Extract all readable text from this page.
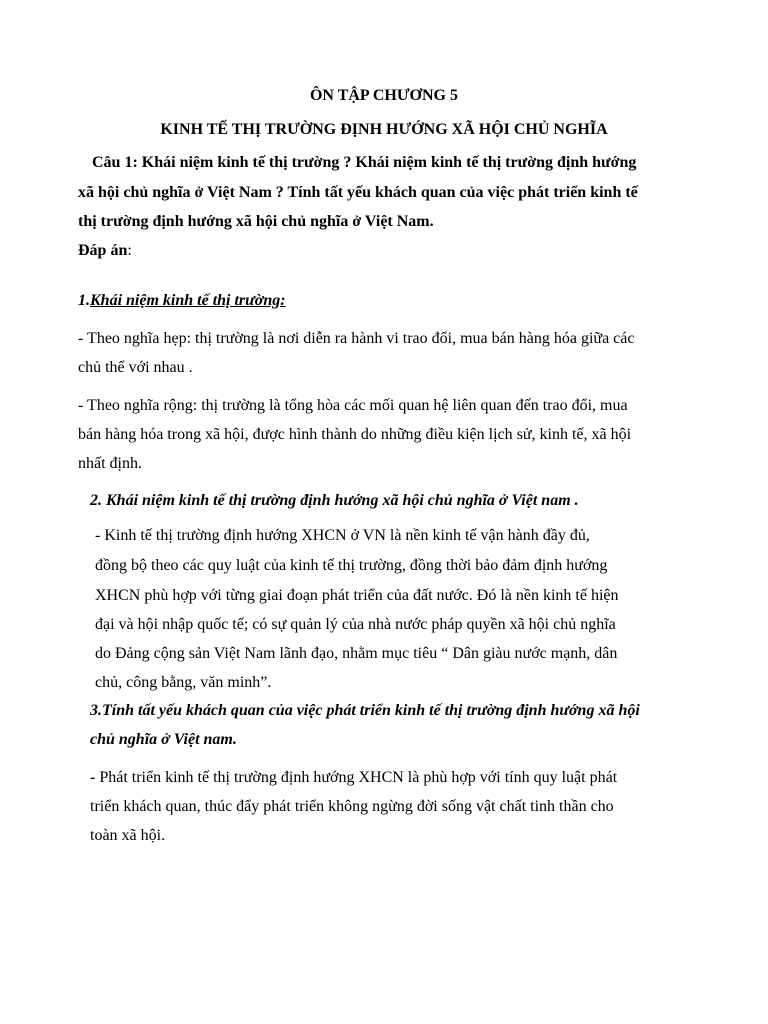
ÔN TẬP CHƯƠNG 5
KINH TẾ THỊ TRƯỜNG ĐỊNH HƯỚNG XÃ HỘI CHỦ NGHĨA
Câu 1: Khái niệm kinh tế thị trường ? Khái niệm kinh tế thị trường định hướng
xã hội chủ nghĩa ở Việt Nam ? Tính tất yếu khách quan của việc phát triển kinh tế
thị trường định hướng xã hội chủ nghĩa ở Việt Nam.
Đáp án:
1.Khái niệm kinh tế thị trường:
- Theo nghĩa hẹp: thị trường là nơi diễn ra hành vi trao đổi, mua bán hàng hóa giữa các
chủ thể với nhau .
- Theo nghĩa rộng: thị trường là tổng hòa các mối quan hệ liên quan đến trao đổi, mua
bán hàng hóa trong xã hội, được hình thành do những điều kiện lịch sử, kinh tế, xã hội
nhất định.
2. Khái niệm kinh tế thị trường định hướng xã hội chủ nghĩa ở Việt nam .
- Kinh tế thị trường định hướng XHCN ở VN là nền kinh tế vận hành đầy đủ,
đồng bộ theo các quy luật của kinh tế thị trường, đồng thời bảo đảm định hướng
XHCN phù hợp với từng giai đoạn phát triển của đất nước. Đó là nền kinh tế hiện
đại và hội nhập quốc tế; có sự quản lý của nhà nước pháp quyền xã hội chủ nghĩa
do Đảng cộng sản Việt Nam lãnh đạo, nhằm mục tiêu “ Dân giàu nước mạnh, dân
chủ, công bằng, văn minh”.
3.Tính tất yếu khách quan của việc phát triển kinh tế thị trường định hướng xã hội
chủ nghĩa ở Việt nam.
- Phát triển kinh tế thị trường định hướng XHCN là phù hợp với tính quy luật phát
triển khách quan, thúc đẩy phát triển không ngừng đời sống vật chất tinh thần cho
toàn xã hội.
